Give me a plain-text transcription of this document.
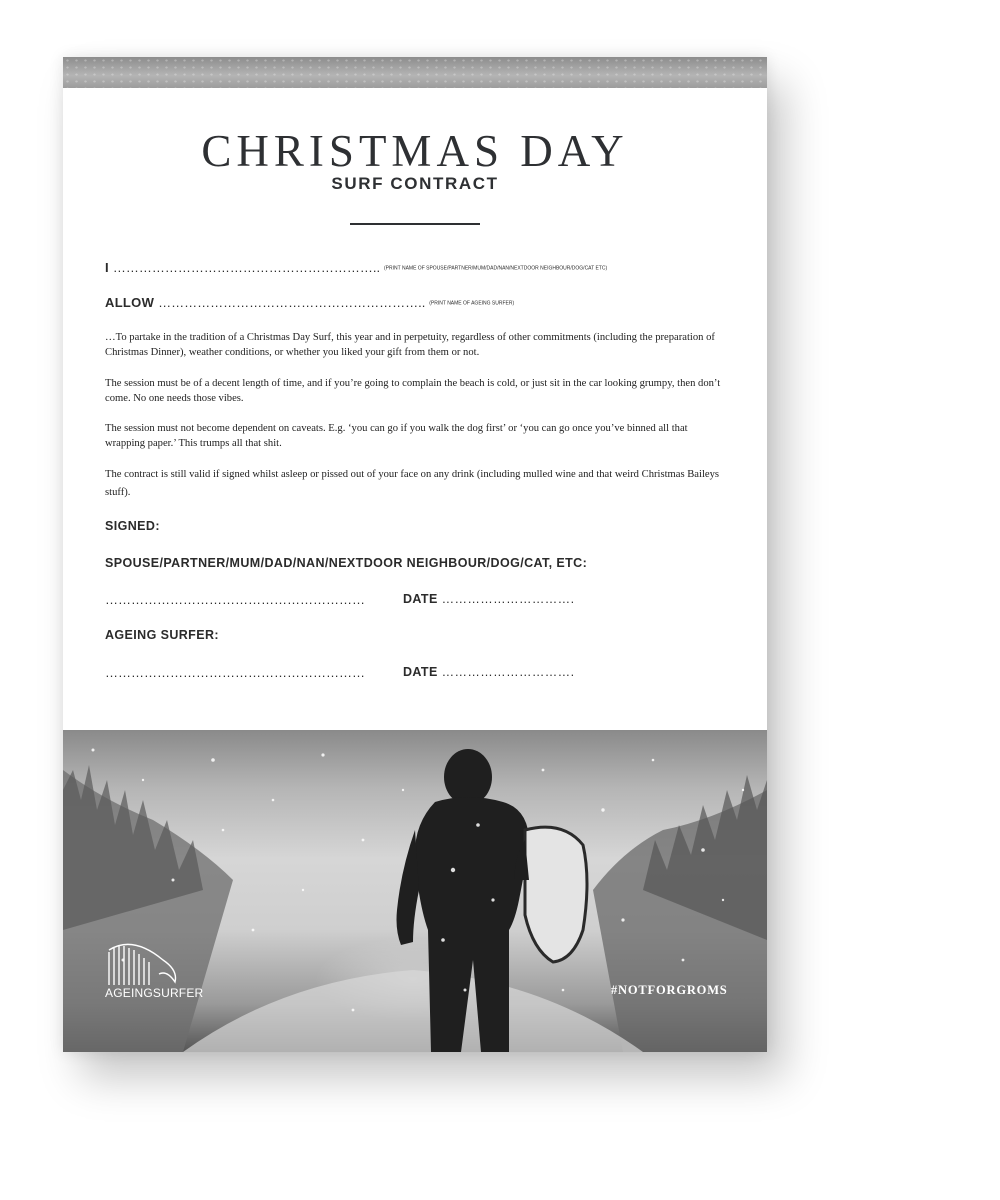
CHRISTMAS DAY
SURF CONTRACT
I …………………………………………………….. (PRINT NAME OF SPOUSE/PARTNER/MUM/DAD/NAN/NEXTDOOR NEIGHBOUR/DOG/CAT ETC)
ALLOW …………………………………………………….. (PRINT NAME OF AGEING SURFER)

…To partake in the tradition of a Christmas Day Surf, this year and in perpetuity, regardless of other commitments (including the preparation of Christmas Dinner), weather conditions, or whether you liked your gift from them or not.

The session must be of a decent length of time, and if you’re going to complain the beach is cold, or just sit in the car looking grumpy, then don’t come. No one needs those vibes.

The session must not become dependent on caveats. E.g. ‘you can go if you walk the dog first’ or ‘you can go once you’ve binned all that wrapping paper.’ This trumps all that shit.

The contract is still valid if signed whilst asleep or pissed out of your face on any drink (including mulled wine and that weird Christmas Baileys stuff).

SIGNED:
SPOUSE/PARTNER/MUM/DAD/NAN/NEXTDOOR NEIGHBOUR/DOG/CAT, ETC:
……………………………………………………	DATE ………………………….
AGEING SURFER:
……………………………………………………	DATE ………………………….
AGEINGSURFER	#NOTFORGROMS
